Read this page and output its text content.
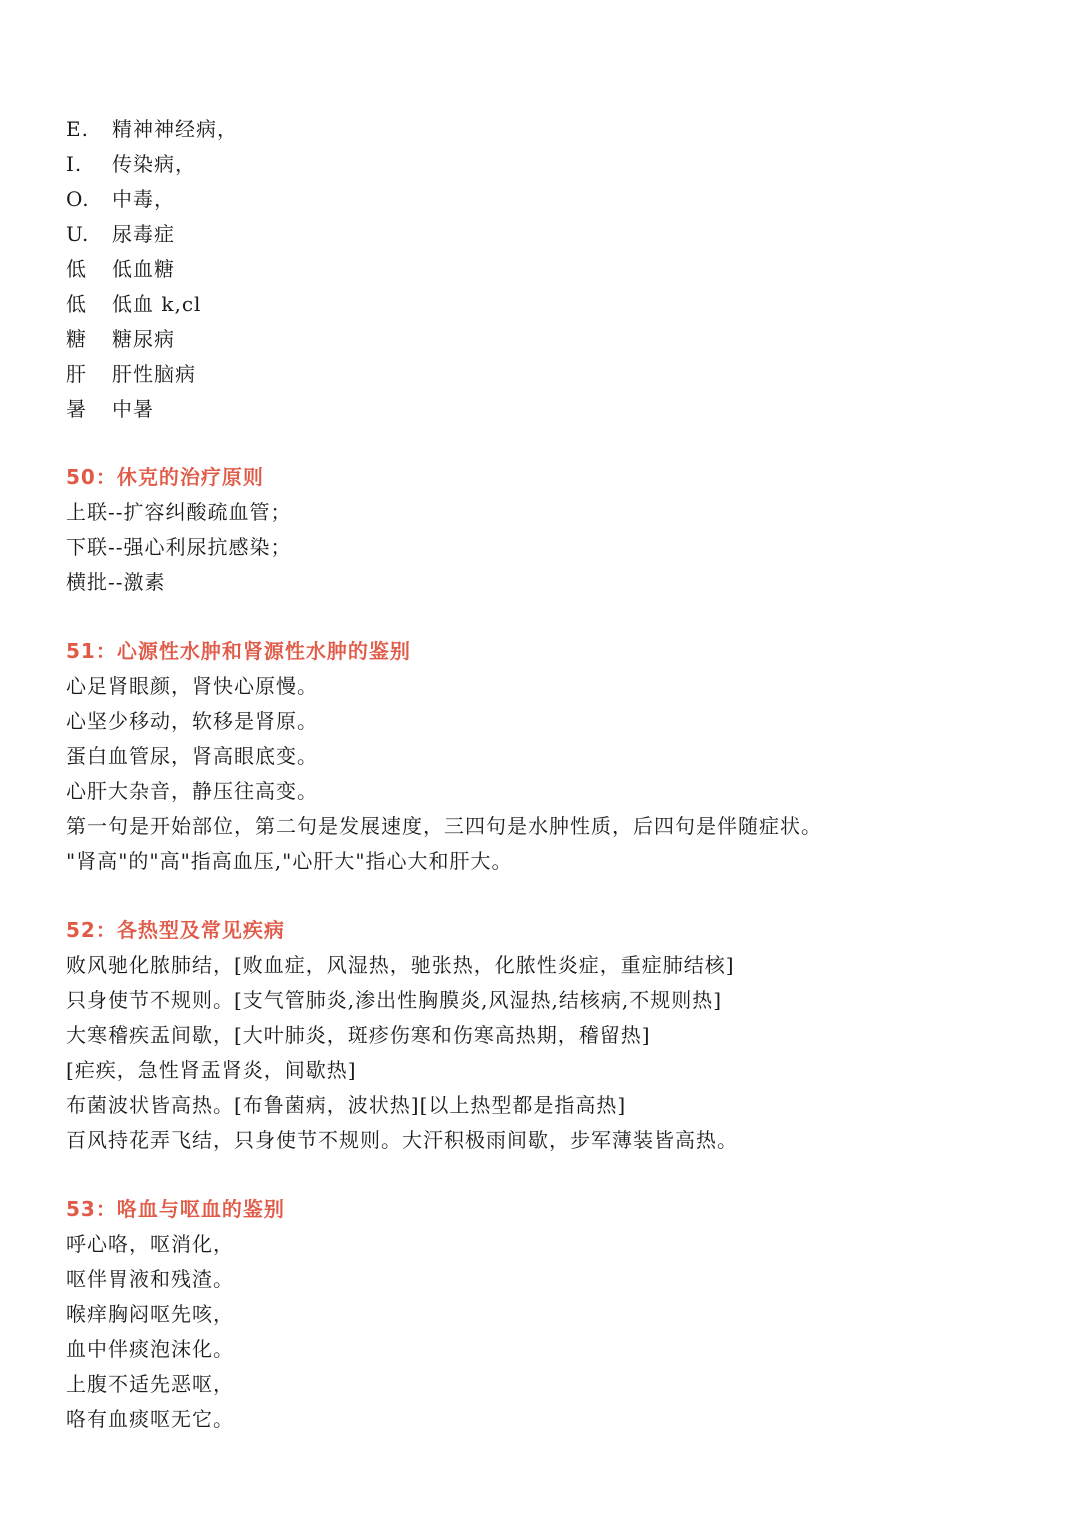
E. 精神神经病，
I. 传染病，
O. 中毒，
U. 尿毒症
低 低血糖
低 低血 k,cl
糖 糖尿病
肝 肝性脑病
暑 中暑
50：休克的治疗原则
上联--扩容纠酸疏血管；
下联--强心利尿抗感染；
横批--激素
51：心源性水肿和肾源性水肿的鉴别
心足肾眼颜，肾快心原慢。
心坚少移动，软移是肾原。
蛋白血管尿，肾高眼底变。
心肝大杂音，静压往高变。
第一句是开始部位，第二句是发展速度，三四句是水肿性质，后四句是伴随症状。
"肾高"的"高"指高血压,"心肝大"指心大和肝大。
52：各热型及常见疾病
败风驰化脓肺结，[败血症，风湿热，驰张热，化脓性炎症，重症肺结核]
只身使节不规则。[支气管肺炎,渗出性胸膜炎,风湿热,结核病,不规则热]
大寒稽疾盂间歇，[大叶肺炎，斑疹伤寒和伤寒高热期，稽留热]
[疟疾，急性肾盂肾炎，间歇热]
布菌波状皆高热。[布鲁菌病，波状热][以上热型都是指高热]
百风持花弄飞结，只身使节不规则。大汗积极雨间歇，步军薄装皆高热。
53：咯血与呕血的鉴别
呼心咯，呕消化，
呕伴胃液和残渣。
喉痒胸闷呕先咳，
血中伴痰泡沫化。
上腹不适先恶呕，
咯有血痰呕无它。
